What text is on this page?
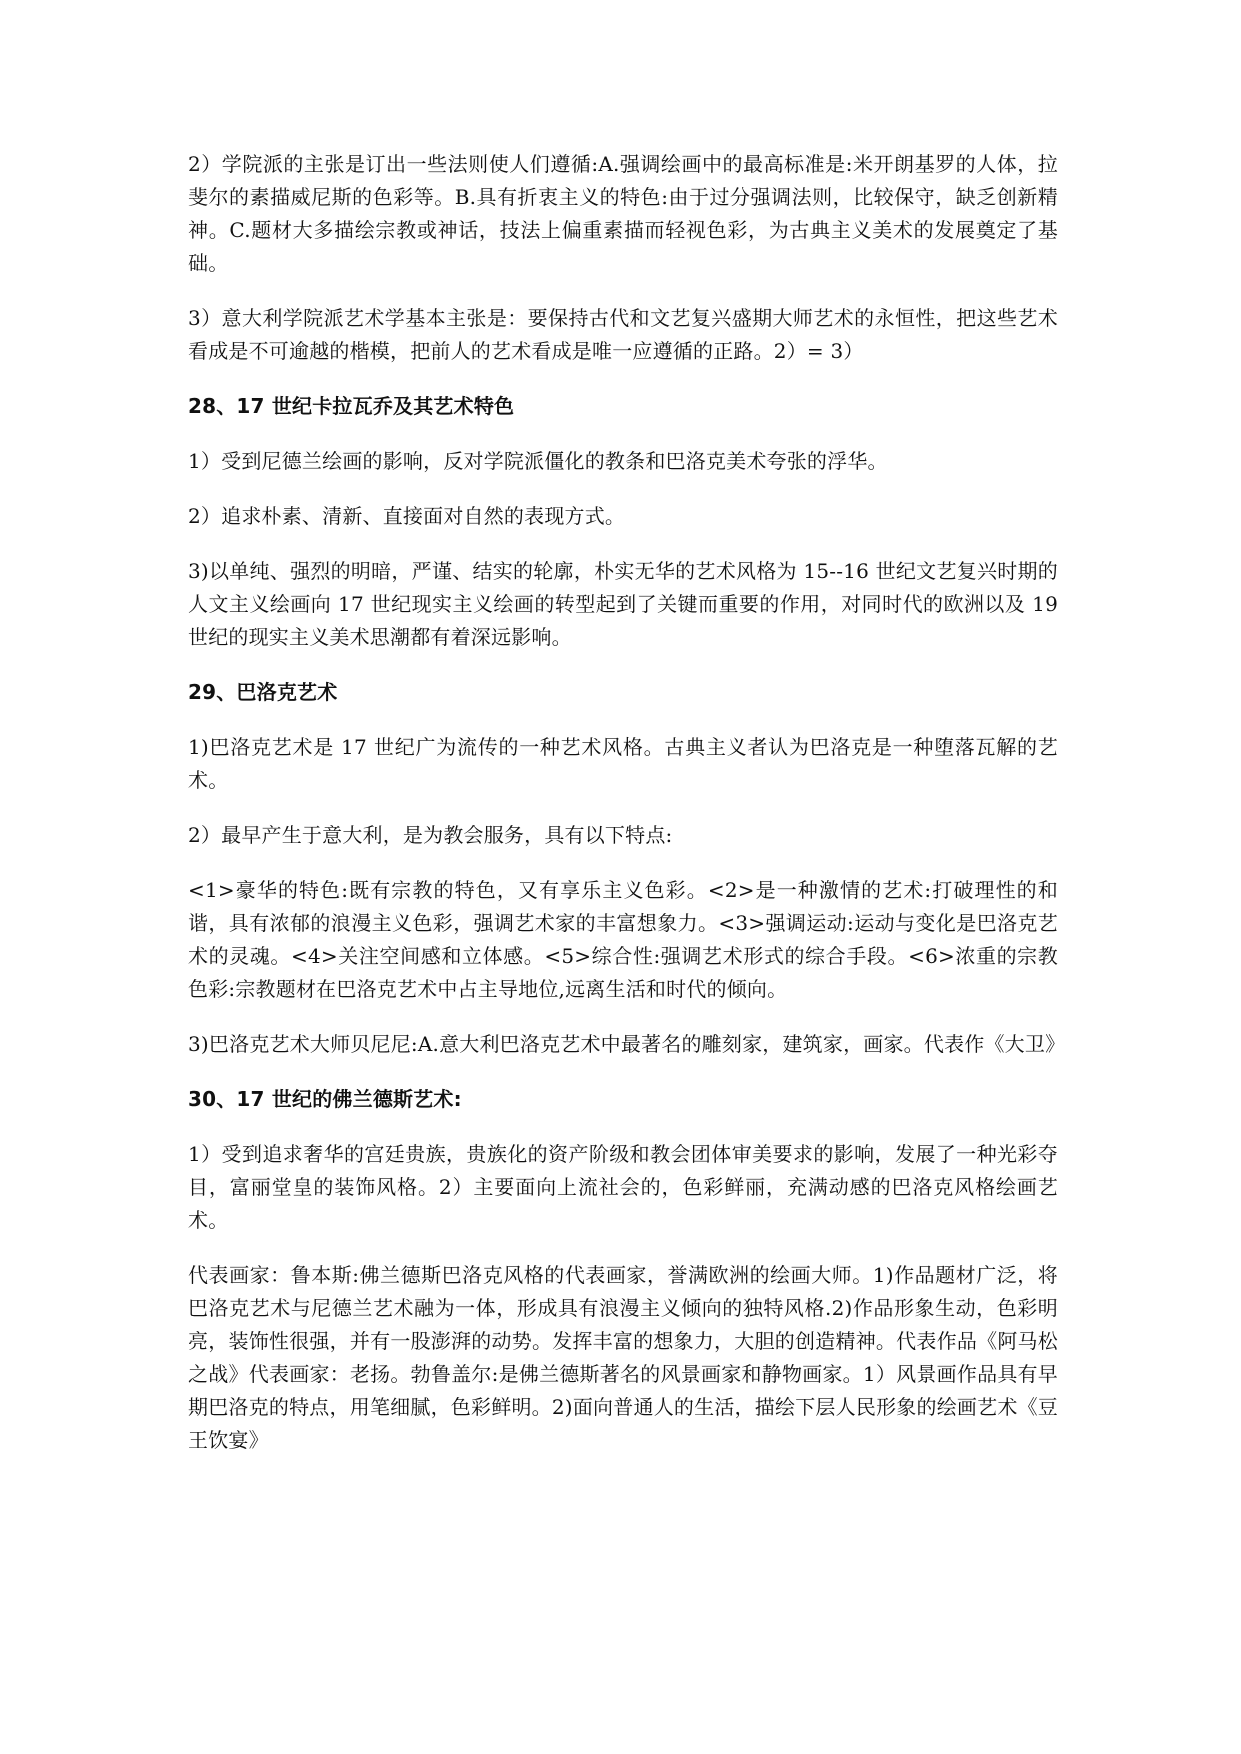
2）学院派的主张是订出一些法则使人们遵循:A.强调绘画中的最高标准是:米开朗基罗的人体，拉斐尔的素描威尼斯的色彩等。B.具有折衷主义的特色:由于过分强调法则，比较保守，缺乏创新精神。C.题材大多描绘宗教或神话，技法上偏重素描而轻视色彩，为古典主义美术的发展奠定了基础。

3）意大利学院派艺术学基本主张是：要保持古代和文艺复兴盛期大师艺术的永恒性，把这些艺术看成是不可逾越的楷模，把前人的艺术看成是唯一应遵循的正路。2）= 3）

28、17 世纪卡拉瓦乔及其艺术特色

1）受到尼德兰绘画的影响，反对学院派僵化的教条和巴洛克美术夸张的浮华。

2）追求朴素、清新、直接面对自然的表现方式。

3)以单纯、强烈的明暗，严谨、结实的轮廓，朴实无华的艺术风格为 15--16 世纪文艺复兴时期的人文主义绘画向 17 世纪现实主义绘画的转型起到了关键而重要的作用，对同时代的欧洲以及 19 世纪的现实主义美术思潮都有着深远影响。

29、巴洛克艺术

1)巴洛克艺术是 17 世纪广为流传的一种艺术风格。古典主义者认为巴洛克是一种堕落瓦解的艺术。

2）最早产生于意大利，是为教会服务，具有以下特点:

<1>豪华的特色:既有宗教的特色，又有享乐主义色彩。<2>是一种激情的艺术:打破理性的和谐，具有浓郁的浪漫主义色彩，强调艺术家的丰富想象力。<3>强调运动:运动与变化是巴洛克艺术的灵魂。<4>关注空间感和立体感。<5>综合性:强调艺术形式的综合手段。<6>浓重的宗教色彩:宗教题材在巴洛克艺术中占主导地位,远离生活和时代的倾向。

3)巴洛克艺术大师贝尼尼:A.意大利巴洛克艺术中最著名的雕刻家，建筑家，画家。代表作《大卫》

30、17 世纪的佛兰德斯艺术:

1）受到追求奢华的宫廷贵族，贵族化的资产阶级和教会团体审美要求的影响，发展了一种光彩夺目，富丽堂皇的装饰风格。2）主要面向上流社会的，色彩鲜丽，充满动感的巴洛克风格绘画艺术。

代表画家：鲁本斯:佛兰德斯巴洛克风格的代表画家，誉满欧洲的绘画大师。1)作品题材广泛，将巴洛克艺术与尼德兰艺术融为一体，形成具有浪漫主义倾向的独特风格.2)作品形象生动，色彩明亮，装饰性很强，并有一股澎湃的动势。发挥丰富的想象力，大胆的创造精神。代表作品《阿马松之战》代表画家：老扬。勃鲁盖尔:是佛兰德斯著名的风景画家和静物画家。1）风景画作品具有早期巴洛克的特点，用笔细腻，色彩鲜明。2)面向普通人的生活，描绘下层人民形象的绘画艺术《豆王饮宴》
